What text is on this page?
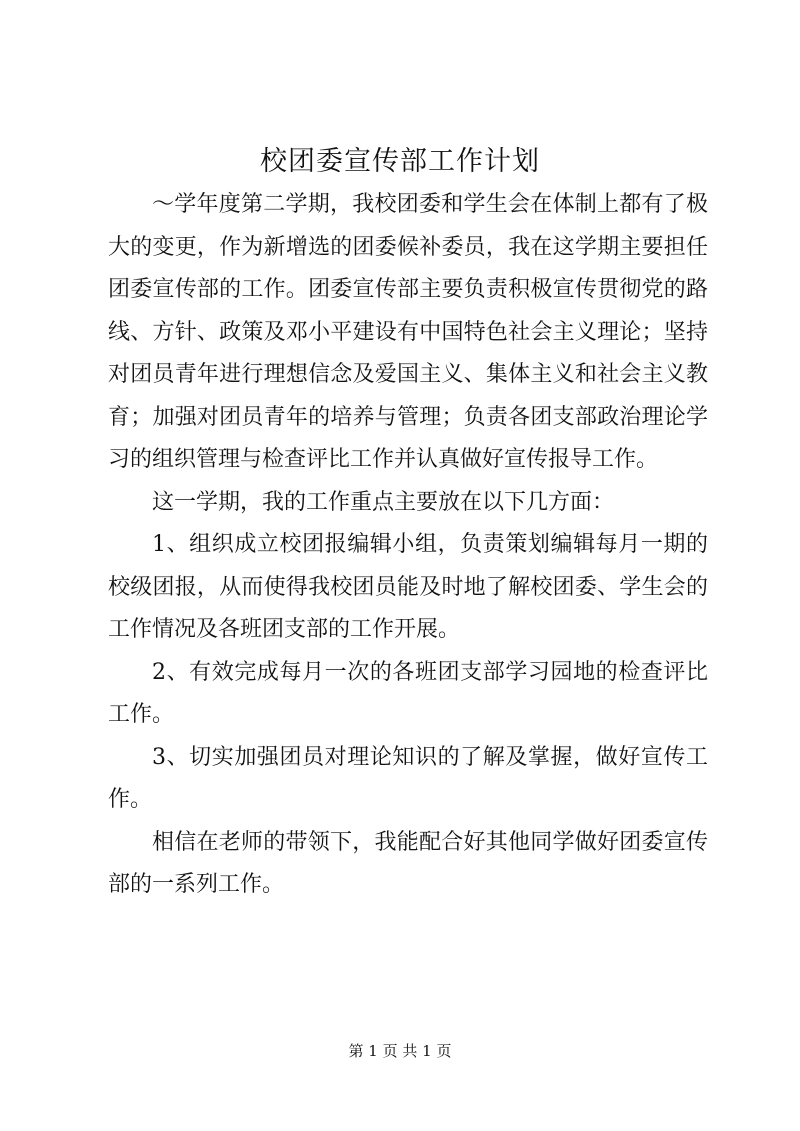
校团委宣传部工作计划

～学年度第二学期，我校团委和学生会在体制上都有了极大的变更，作为新增选的团委候补委员，我在这学期主要担任团委宣传部的工作。团委宣传部主要负责积极宣传贯彻党的路线、方针、政策及邓小平建设有中国特色社会主义理论；坚持对团员青年进行理想信念及爱国主义、集体主义和社会主义教育；加强对团员青年的培养与管理；负责各团支部政治理论学习的组织管理与检查评比工作并认真做好宣传报导工作。

这一学期，我的工作重点主要放在以下几方面：

1、组织成立校团报编辑小组，负责策划编辑每月一期的校级团报，从而使得我校团员能及时地了解校团委、学生会的工作情况及各班团支部的工作开展。

2、有效完成每月一次的各班团支部学习园地的检查评比工作。

3、切实加强团员对理论知识的了解及掌握，做好宣传工作。

相信在老师的带领下，我能配合好其他同学做好团委宣传部的一系列工作。

第 1 页 共 1 页
